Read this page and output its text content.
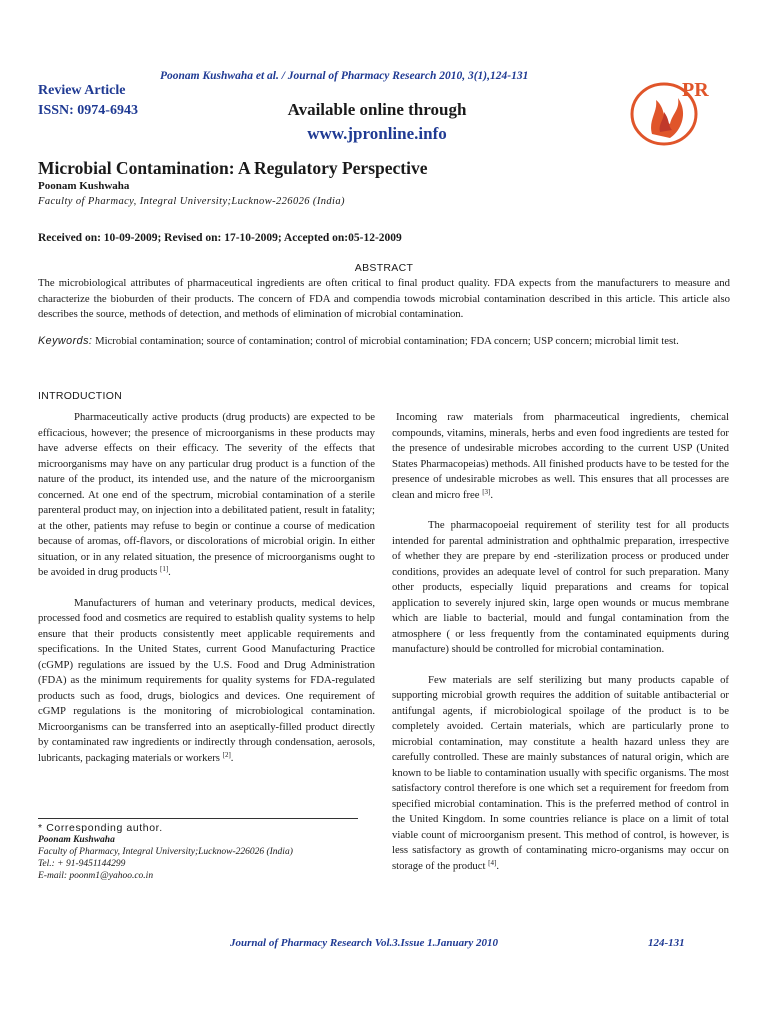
Review Article
ISSN: 0974-6943
Poonam Kushwaha et al. / Journal of Pharmacy Research 2010, 3(1),124-131
Available online through
www.jpronline.info
PR
Microbial Contamination: A Regulatory Perspective
Poonam Kushwaha
Faculty of Pharmacy, Integral University;Lucknow-226026 (India)
Received on: 10-09-2009; Revised on: 17-10-2009; Accepted on:05-12-2009
ABSTRACT
The microbiological attributes of pharmaceutical ingredients are often critical to final product quality. FDA expects from the manufacturers to measure and characterize the bioburden of their products. The concern of FDA and compendia towods microbial contamination described in this article. This article also describes the source, methods of detection, and methods of elimination of microbial contamination.
Keywords: Microbial contamination; source of contamination; control of microbial contamination; FDA concern; USP concern; microbial limit test.
INTRODUCTION

Pharmaceutically active products (drug products) are expected to be efficacious, however; the presence of microorganisms in these products may have adverse effects on their efficacy. The severity of the effects that microorganisms may have on any particular drug product is a function of the nature of the product, its intended use, and the nature of the microorganism concerned. At one end of the spectrum, microbial contamination of a sterile parenteral product may, on injection into a debilitated patient, result in fatality; at the other, patients may refuse to begin or continue a course of medication because of aromas, off-flavors, or discolorations of microbial origin. In either situation, or in any related situation, the presence of microorganisms ought to be avoided in drug products [1].

Manufacturers of human and veterinary products, medical devices, processed food and cosmetics are required to establish quality systems to help ensure that their products consistently meet applicable requirements and specifications. In the United States, current Good Manufacturing Practice (cGMP) regulations are issued by the U.S. Food and Drug Administration (FDA) as the minimum requirements for quality systems for FDA-regulated products such as food, drugs, biologics and devices. One requirement of cGMP regulations is the monitoring of microbiological contamination. Microorganisms can be transferred into an aseptically-filled product directly by contaminated raw ingredients or indirectly through condensation, aerosols, lubricants, packaging materials or workers [2].

Incoming raw materials from pharmaceutical ingredients, chemical compounds, vitamins, minerals, herbs and even food ingredients are tested for the presence of undesirable microbes according to the current USP (United States Pharmacopeias) methods. All finished products have to be tested for the presence of undesirable microbes as well. This ensures that all processes are clean and micro free [3].

The pharmacopoeial requirement of sterility test for all products intended for parental administration and ophthalmic preparation, irrespective of whether they are prepare by end -sterilization process or produced under conditions, provides an adequate level of control for such preparation. Many other products, especially liquid preparations and creams for topical application to severely injured skin, large open wounds or mucus membrane which are liable to bacterial, mould and fungal contamination from the atmosphere ( or less frequently from the contaminated equipments during manufacture) should be controlled for microbial contamination.

Few materials are self sterilizing but many products capable of supporting microbial growth requires the addition of suitable antibacterial or antifungal agents, if microbiological spoilage of the product is to be completely avoided. Certain materials, which are particularly prone to microbial contamination, may constitute a health hazard unless they are carefully controlled. These are mainly substances of natural origin, which are known to be liable to contamination usually with specific organisms. The most satisfactory control therefore is one which set a requirement for freedom from specified microbial contamination. This is the preferred method of control in the United Kingdom. In some countries reliance is place on a limit of total viable count of microorganism present. This method of control, is however, is less satisfactory as growth of contaminating micro-organisms may occur on storage of the product [4].

* Corresponding author.
Poonam Kushwaha
Faculty of Pharmacy, Integral University;Lucknow-226026 (India)
Tel.: + 91-9451144299
E-mail: poonm1@yahoo.co.in
Journal of Pharmacy Research Vol.3.Issue 1.January 2010	124-131
